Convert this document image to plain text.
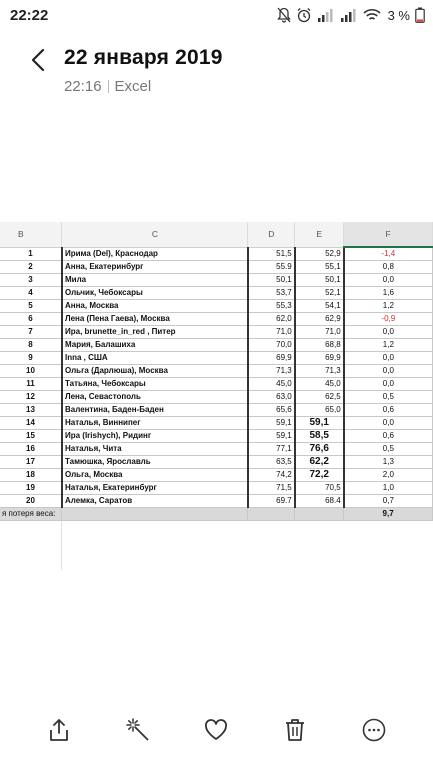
22:22	3 %
22 января 2019
22:16 Excel
B	C	D	E	F
1	Ирима (Del), Краснодар	51,5	52,9	-1,4
2	Анна, Екатеринбург	55.9	55,1	0,8
3	Мила	50,1	50,1	0,0
4	Ольчик, Чебоксары	53,7	52,1	1,6
5	Анна, Москва	55,3	54,1	1,2
6	Лена (Пена Гаева), Москва	62,0	62,9	-0,9
7	Ира, brunette_in_red , Питер	71,0	71,0	0,0
8	Мария, Балашиха	70,0	68,8	1,2
9	Inna , США	69,9	69,9	0,0
10	Ольга (Дарлюша), Москва	71,3	71,3	0,0
11	Татьяна, Чебоксары	45,0	45,0	0,0
12	Лена, Севастополь	63,0	62,5	0,5
13	Валентина, Баден-Баден	65,6	65,0	0,6
14	Наталья, Виннипег	59,1	59,1	0,0
15	Ира (Irishych), Ридинг	59,1	58,5	0,6
16	Наталья, Чита	77,1	76,6	0,5
17	Тамюшка, Ярославль	63,5	62,2	1,3
18	Ольга, Москва	74,2	72,2	2,0
19	Наталья, Екатеринбург	71,5	70,5	1,0
20	Алемка, Саратов	69.7	68.4	0,7
я потеря веса:				9,7
